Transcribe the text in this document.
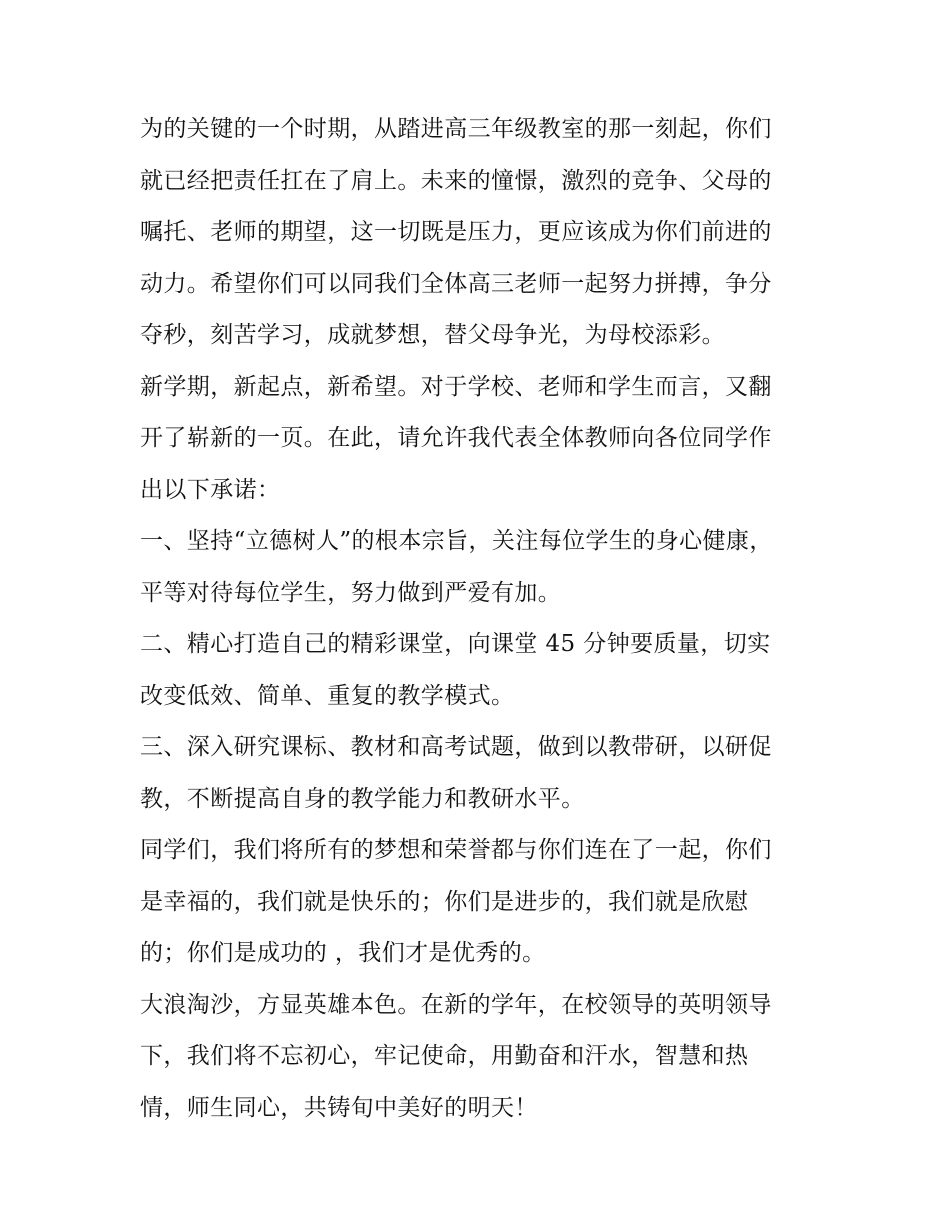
为的关键的一个时期，从踏进高三年级教室的那一刻起，你们
就已经把责任扛在了肩上。未来的憧憬，激烈的竞争、父母的
嘱托、老师的期望，这一切既是压力，更应该成为你们前进的
动力。希望你们可以同我们全体高三老师一起努力拼搏，争分
夺秒，刻苦学习，成就梦想，替父母争光，为母校添彩。
新学期，新起点，新希望。对于学校、老师和学生而言，又翻
开了崭新的一页。在此，请允许我代表全体教师向各位同学作
出以下承诺：
一、坚持“立德树人”的根本宗旨，关注每位学生的身心健康，
平等对待每位学生，努力做到严爱有加。
二、精心打造自己的精彩课堂，向课堂 45 分钟要质量，切实
改变低效、简单、重复的教学模式。
三、深入研究课标、教材和高考试题，做到以教带研，以研促
教，不断提高自身的教学能力和教研水平。
同学们，我们将所有的梦想和荣誉都与你们连在了一起，你们
是幸福的，我们就是快乐的；你们是进步的，我们就是欣慰
的；你们是成功的 ，我们才是优秀的。
大浪淘沙，方显英雄本色。在新的学年，在校领导的英明领导
下，我们将不忘初心，牢记使命，用勤奋和汗水，智慧和热
情，师生同心，共铸旬中美好的明天！
